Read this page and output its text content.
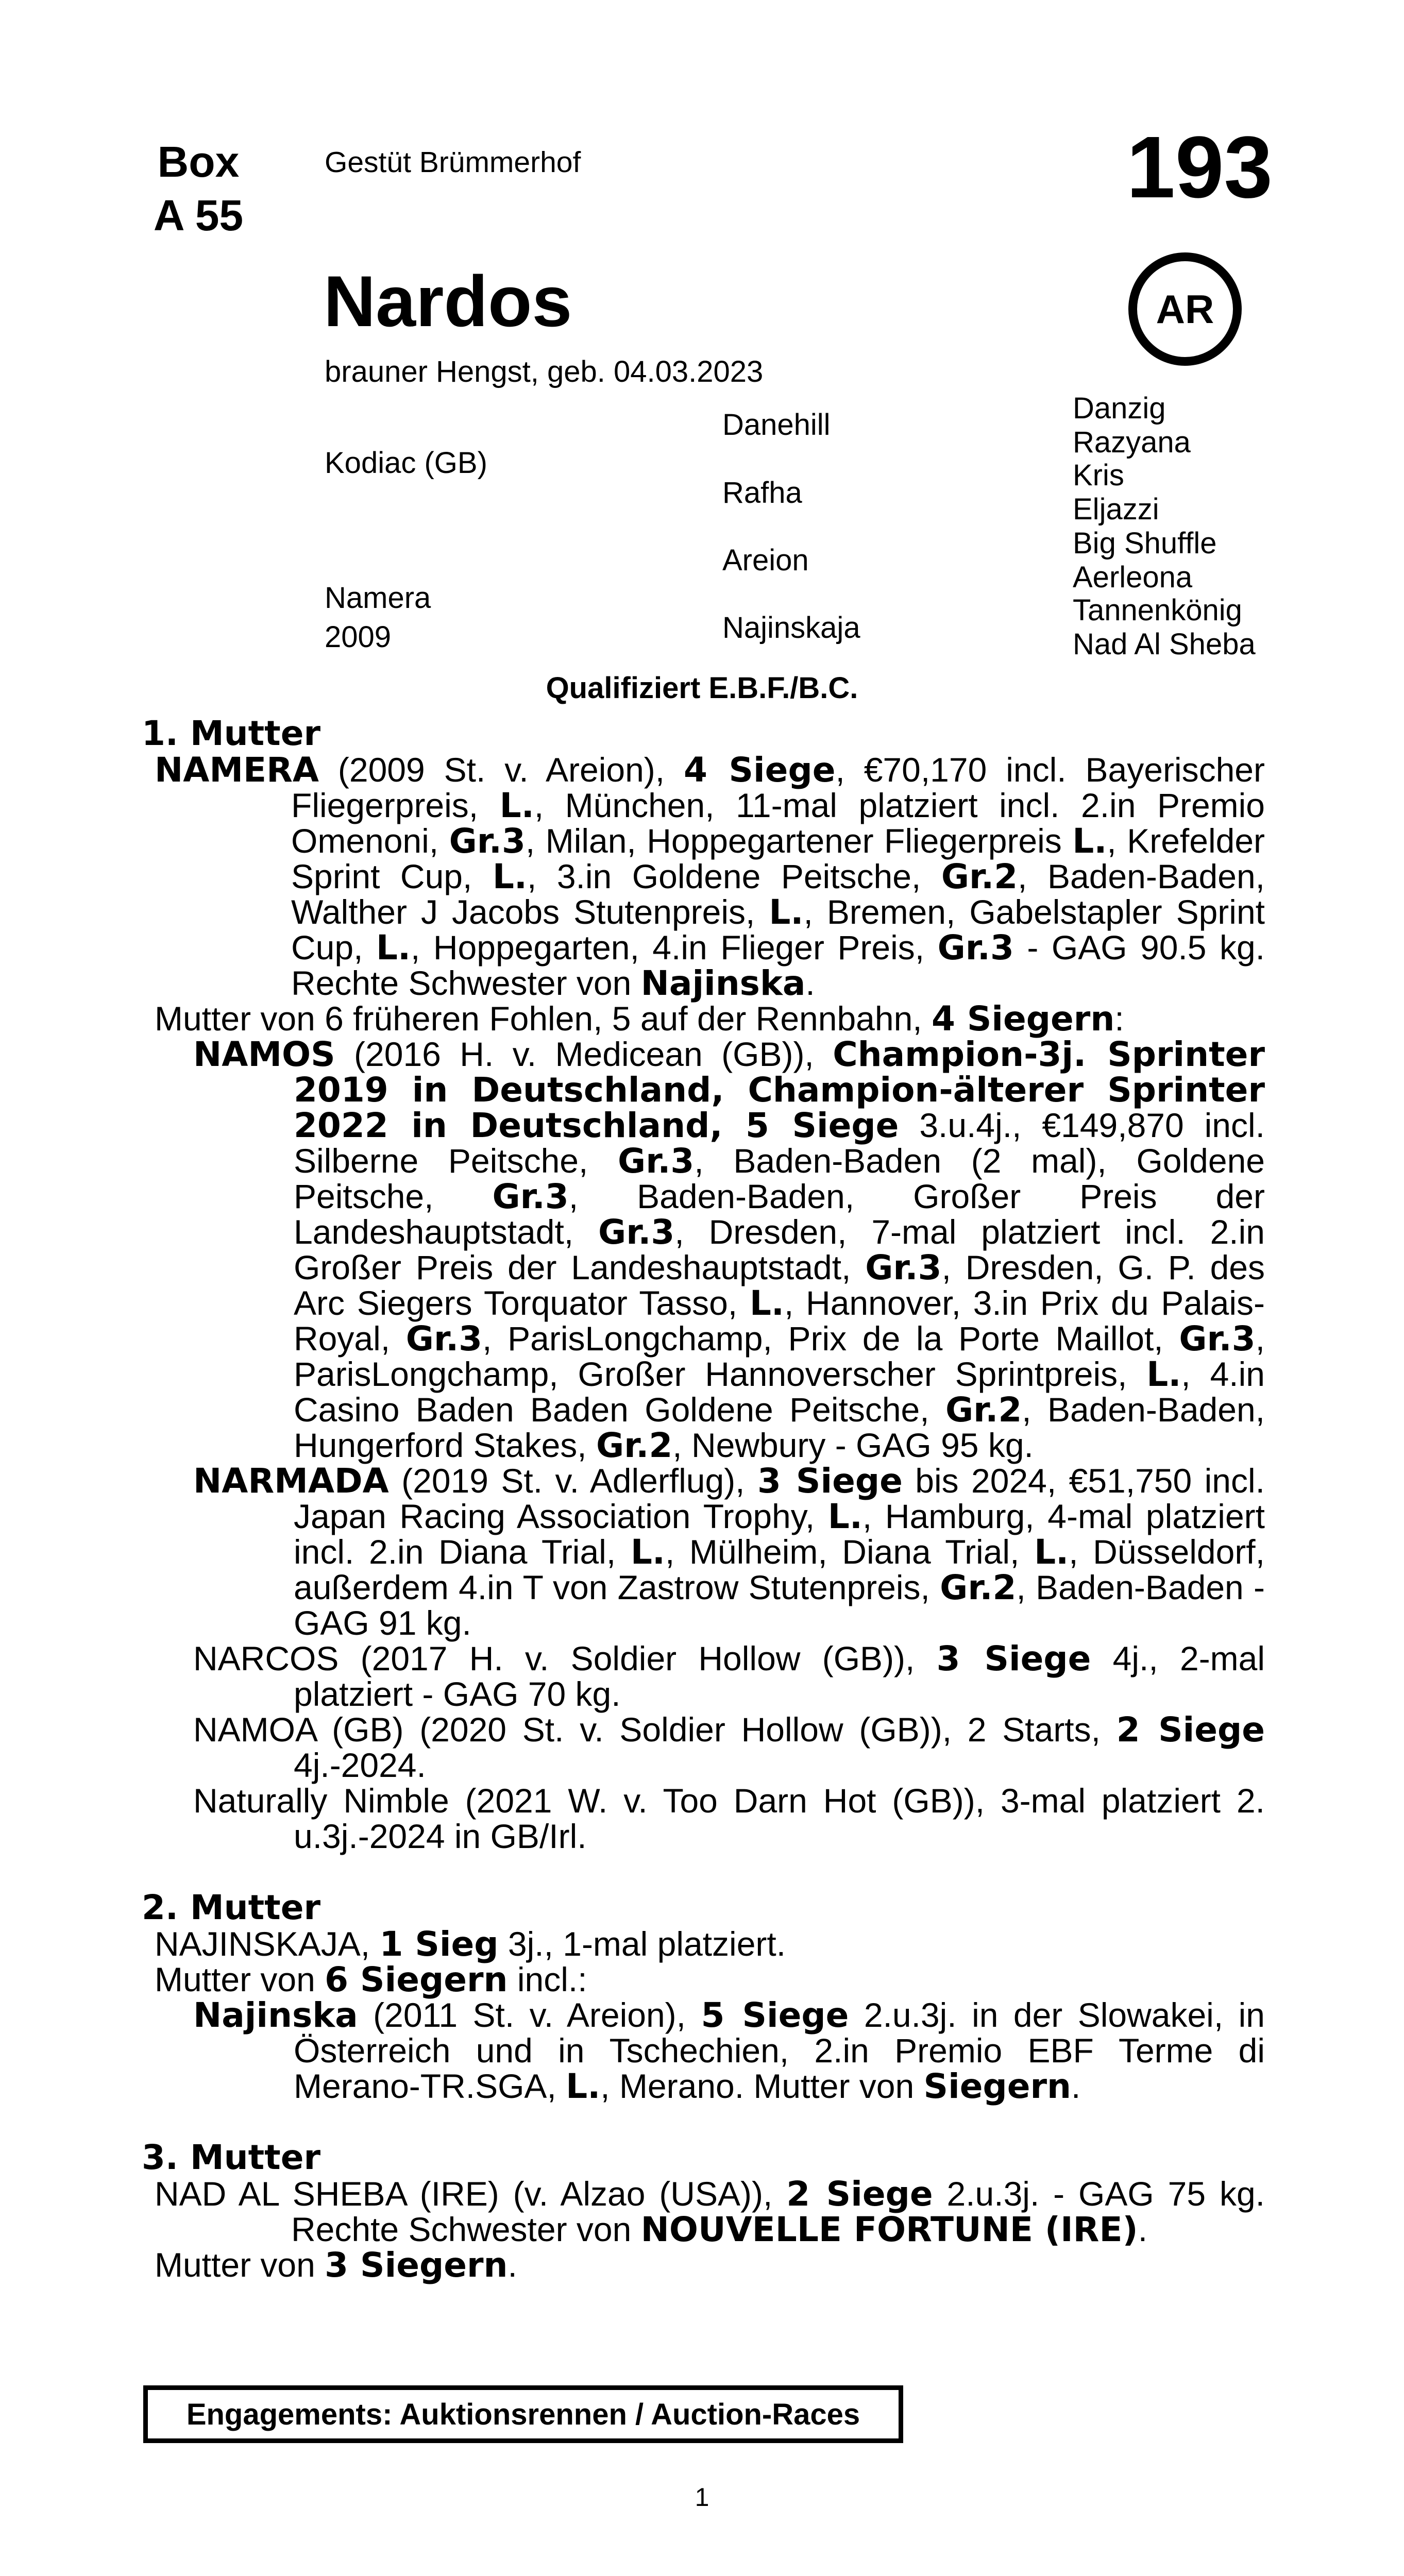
Box
A 55
Gestüt Brümmerhof	193
Nardos
brauner Hengst, geb. 04.03.2023
AR
Kodiac (GB)
Namera
2009
Danehill
Rafha
Areion
Najinskaja
Danzig
Razyana
Kris
Eljazzi
Big Shuffle
Aerleona
Tannenkönig
Nad Al Sheba
Qualifiziert E.B.F./B.C.
1. Mutter

NAMERA (2009 St. v. Areion), 4 Siege, €70,170 incl. Bayerischer Fliegerpreis, L., München, 11-mal platziert incl. 2.in Premio Omenoni, Gr.3, Milan, Hoppegartener Fliegerpreis L., Krefelder Sprint Cup, L., 3.in Goldene Peitsche, Gr.2, Baden-Baden, Walther J Jacobs Stutenpreis, L., Bremen, Gabelstapler Sprint Cup, L., Hoppegarten, 4.in Flieger Preis, Gr.3 - GAG 90.5 kg. Rechte Schwester von Najinska.

Mutter von 6 früheren Fohlen, 5 auf der Rennbahn, 4 Siegern:

NAMOS (2016 H. v. Medicean (GB)), Champion-3j. Sprinter 2019 in Deutschland, Champion-älterer Sprinter 2022 in Deutschland, 5 Siege 3.u.4j., €149,870 incl. Silberne Peitsche, Gr.3, Baden-Baden (2 mal), Goldene Peitsche, Gr.3, Baden-Baden, Großer Preis der Landeshauptstadt, Gr.3, Dresden, 7-mal platziert incl. 2.in Großer Preis der Landeshauptstadt, Gr.3, Dresden, G. P. des Arc Siegers Torquator Tasso, L., Hannover, 3.in Prix du Palais-Royal, Gr.3, ParisLongchamp, Prix de la Porte Maillot, Gr.3, ParisLongchamp, Großer Hannoverscher Sprintpreis, L., 4.in Casino Baden Baden Goldene Peitsche, Gr.2, Baden-Baden, Hungerford Stakes, Gr.2, Newbury - GAG 95 kg.

NARMADA (2019 St. v. Adlerflug), 3 Siege bis 2024, €51,750 incl. Japan Racing Association Trophy, L., Hamburg, 4-mal platziert incl. 2.in Diana Trial, L., Mülheim, Diana Trial, L., Düsseldorf, außerdem 4.in T von Zastrow Stutenpreis, Gr.2, Baden-Baden - GAG 91 kg.

NARCOS (2017 H. v. Soldier Hollow (GB)), 3 Siege 4j., 2-mal platziert - GAG 70 kg.

NAMOA (GB) (2020 St. v. Soldier Hollow (GB)), 2 Starts, 2 Siege 4j.-2024.

Naturally Nimble (2021 W. v. Too Darn Hot (GB)), 3-mal platziert 2. u.3j.-2024 in GB/Irl.

2. Mutter

NAJINSKAJA, 1 Sieg 3j., 1-mal platziert.

Mutter von 6 Siegern incl.:

Najinska (2011 St. v. Areion), 5 Siege 2.u.3j. in der Slowakei, in Österreich und in Tschechien, 2.in Premio EBF Terme di Merano-TR.SGA, L., Merano. Mutter von Siegern.

3. Mutter

NAD AL SHEBA (IRE) (v. Alzao (USA)), 2 Siege 2.u.3j. - GAG 75 kg. Rechte Schwester von NOUVELLE FORTUNE (IRE).

Mutter von 3 Siegern.

Engagements: Auktionsrennen / Auction-Races
1
